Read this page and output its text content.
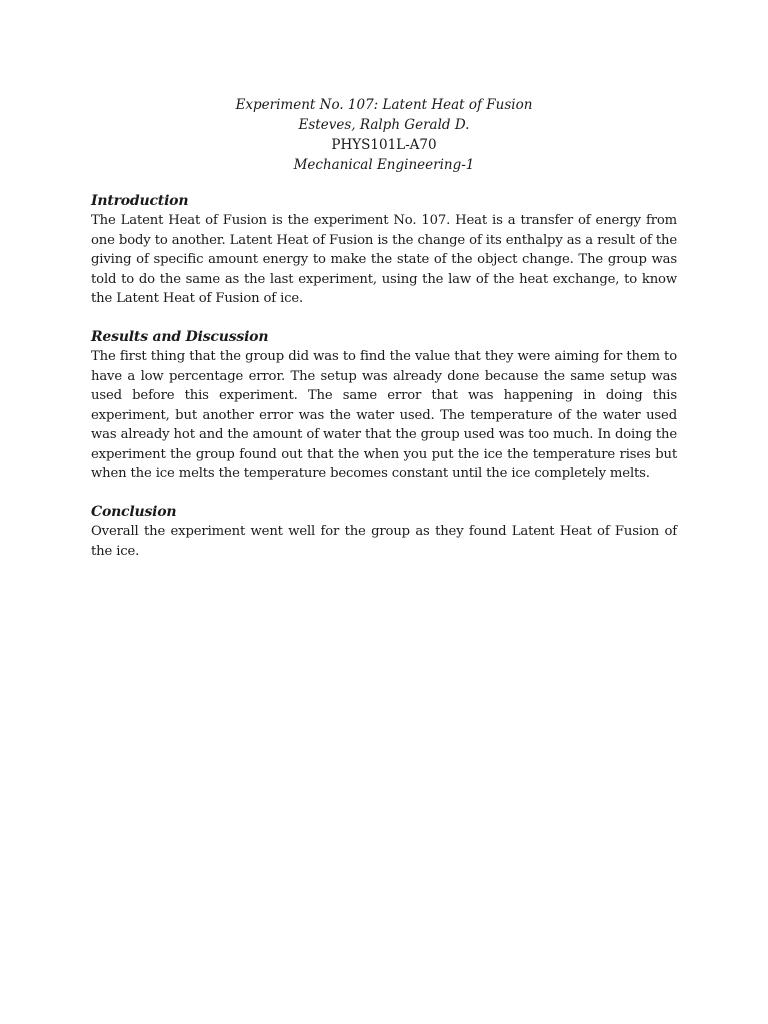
Experiment No. 107: Latent Heat of Fusion
Esteves, Ralph Gerald D.
PHYS101L-A70
Mechanical Engineering-1
Introduction

The Latent Heat of Fusion is the experiment No. 107. Heat is a transfer of energy from one body to another. Latent Heat of Fusion is the change of its enthalpy as a result of the giving of specific amount energy to make the state of the object change. The group was told to do the same as the last experiment, using the law of the heat exchange, to know the Latent Heat of Fusion of ice.

Results and Discussion

The first thing that the group did was to find the value that they were aiming for them to have a low percentage error. The setup was already done because the same setup was used before this experiment. The same error that was happening in doing this experiment, but another error was the water used. The temperature of the water used was already hot and the amount of water that the group used was too much. In doing the experiment the group found out that the when you put the ice the temperature rises but when the ice melts the temperature becomes constant until the ice completely melts.

Conclusion

Overall the experiment went well for the group as they found Latent Heat of Fusion of the ice.
